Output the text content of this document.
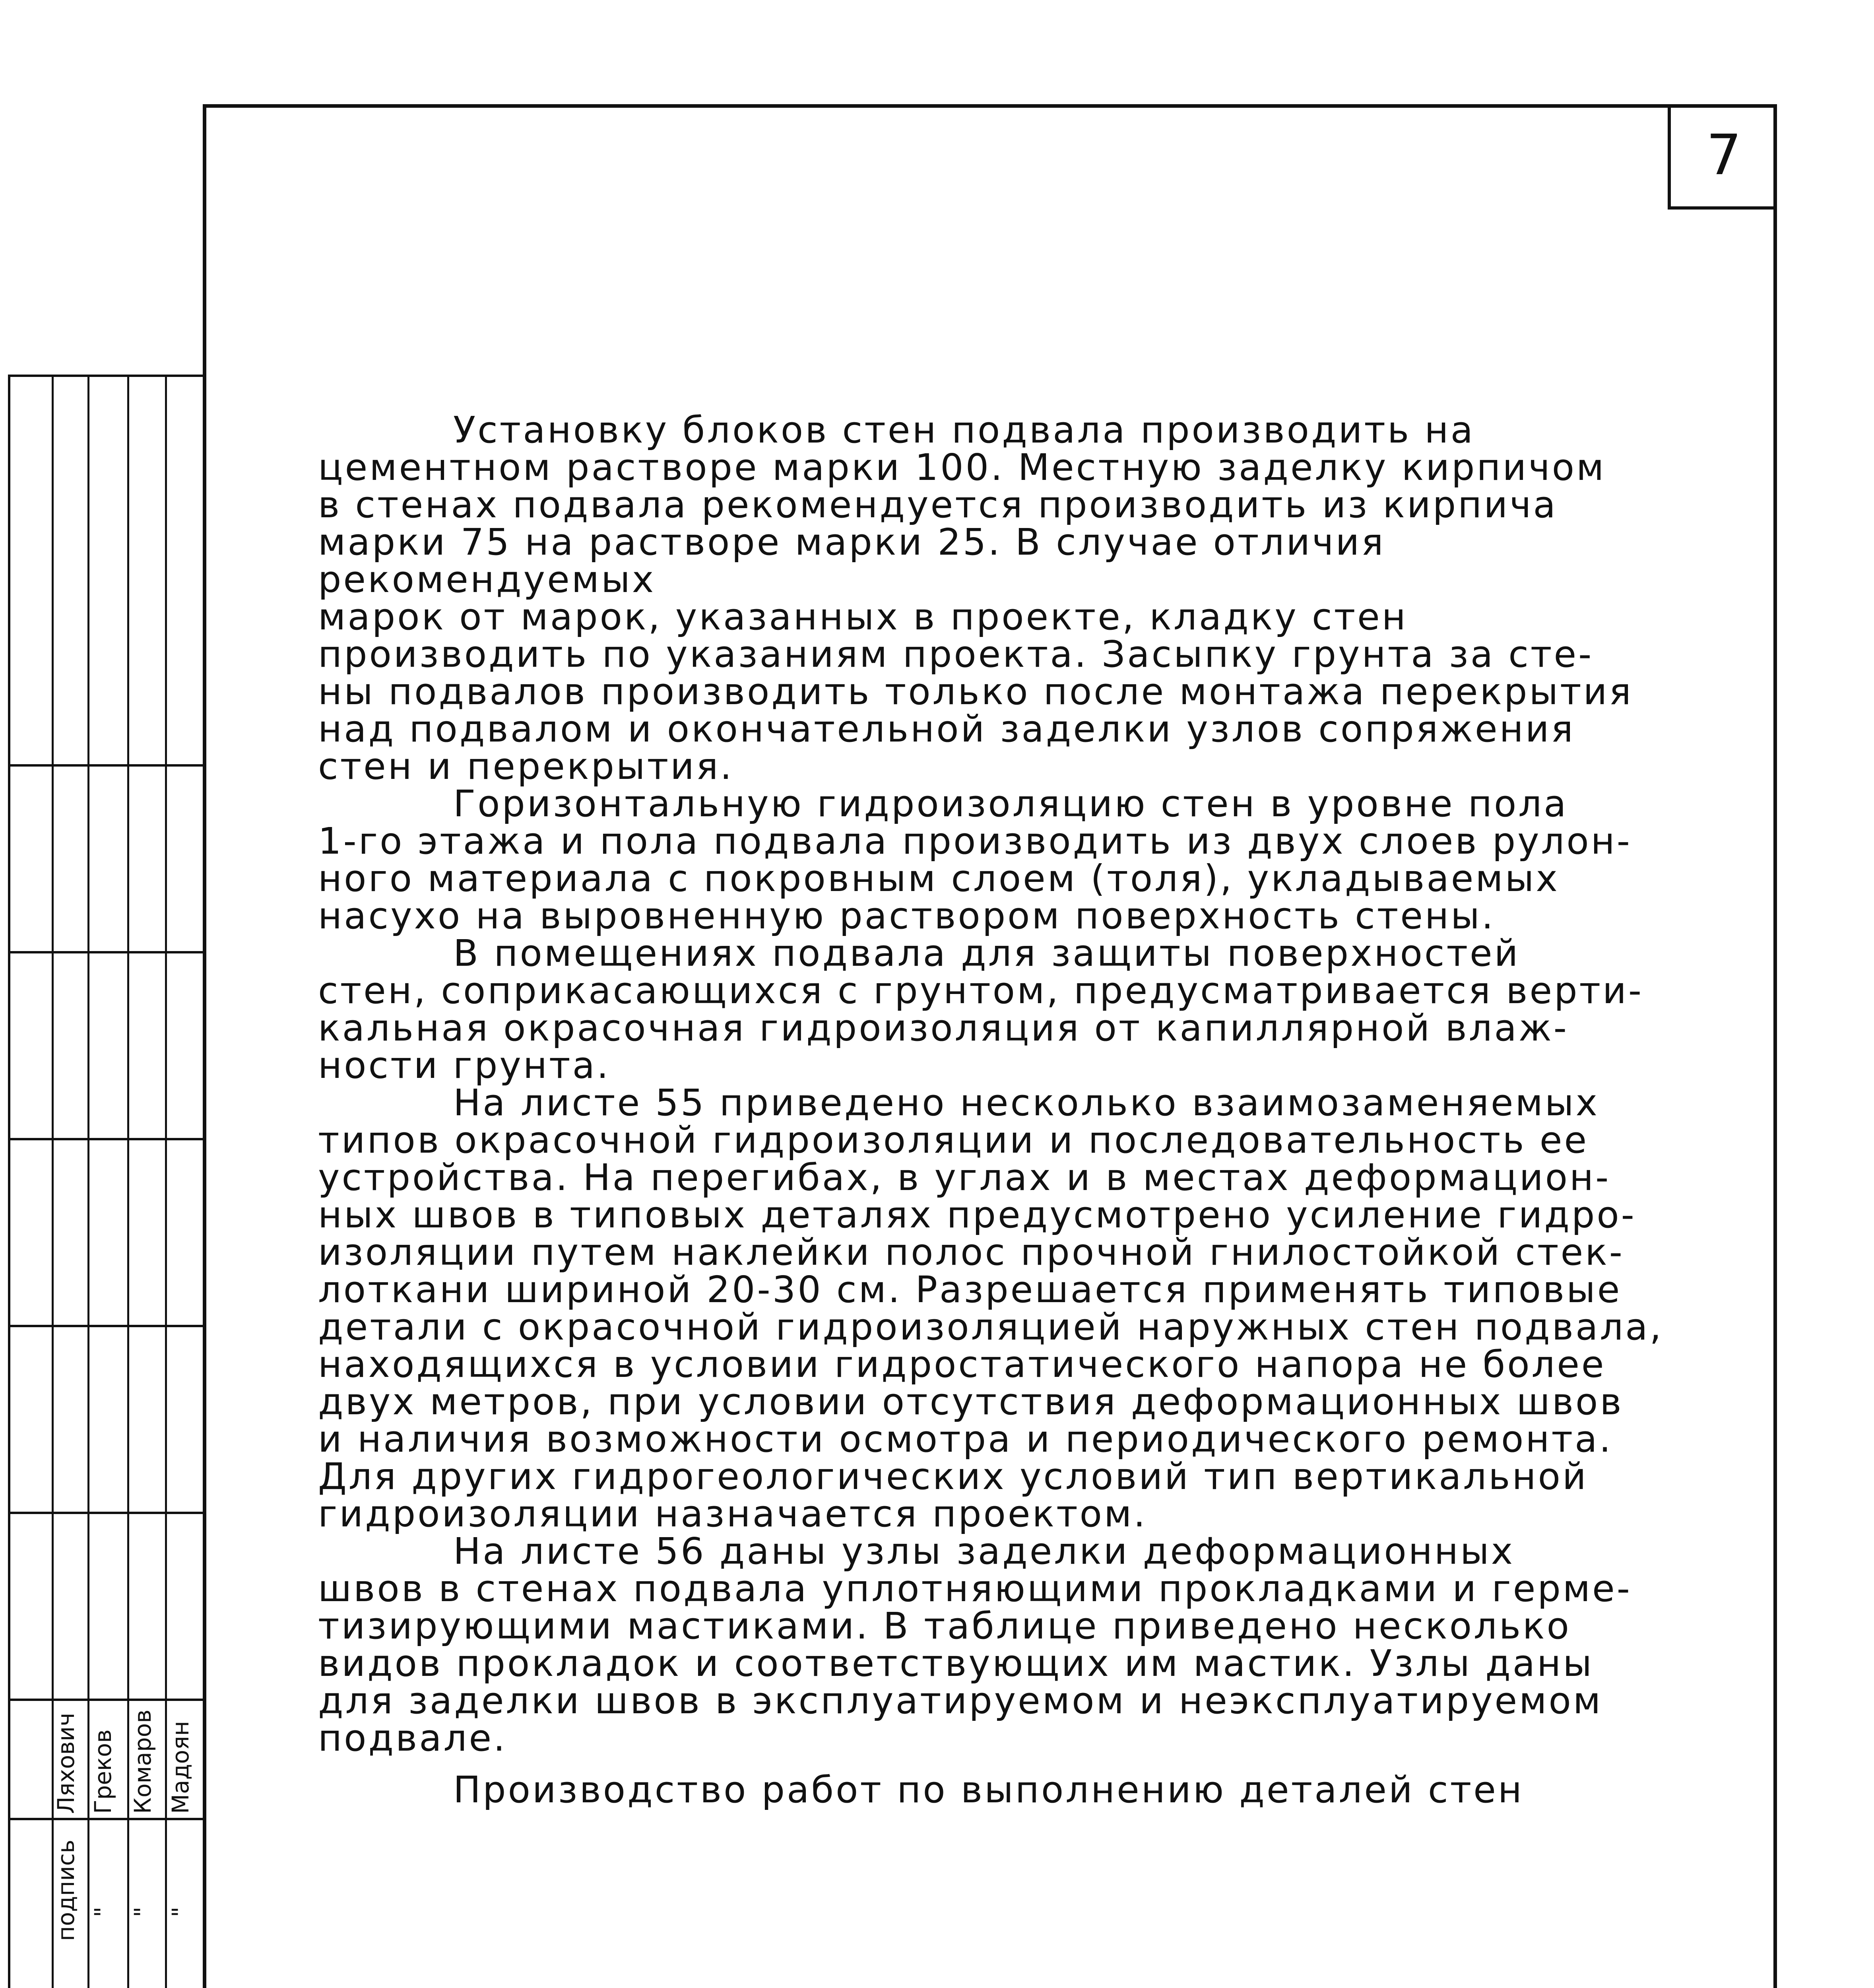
7
Ляхович Греков Комаров Мадоян
подпись " " "

Установку блоков стен подвала производить на
цементном растворе марки 100. Местную заделку кирпичом
в стенах подвала рекомендуется производить из кирпича
марки 75 на растворе марки 25. В случае отличия рекомендуемых
марок от марок, указанных в проекте, кладку стен
производить по указаниям проекта. Засыпку грунта за сте-
ны подвалов производить только после монтажа перекрытия
над подвалом и окончательной заделки узлов сопряжения
стен и перекрытия.

Горизонтальную гидроизоляцию стен в уровне пола
1-го этажа и пола подвала производить из двух слоев рулон-
ного материала с покровным слоем (толя), укладываемых
насухо на выровненную раствором поверхность стены.

В помещениях подвала для защиты поверхностей
стен, соприкасающихся с грунтом, предусматривается верти-
кальная окрасочная гидроизоляция от капиллярной влаж-
ности грунта.

На листе 55 приведено несколько взаимозаменяемых
типов окрасочной гидроизоляции и последовательность ее
устройства. На перегибах, в углах и в местах деформацион-
ных швов в типовых деталях предусмотрено усиление гидро-
изоляции путем наклейки полос прочной гнилостойкой стек-
лоткани шириной 20-30 см. Разрешается применять типовые
детали с окрасочной гидроизоляцией наружных стен подвала,
находящихся в условии гидростатического напора не более
двух метров, при условии отсутствия деформационных швов
и наличия возможности осмотра и периодического ремонта.
Для других гидрогеологических условий тип вертикальной
гидроизоляции назначается проектом.

На листе 56 даны узлы заделки деформационных
швов в стенах подвала уплотняющими прокладками и герме-
тизирующими мастиками. В таблице приведено несколько
видов прокладок и соответствующих им мастик. Узлы даны
для заделки швов в эксплуатируемом и неэксплуатируемом
подвале.

Производство работ по выполнению деталей стен
